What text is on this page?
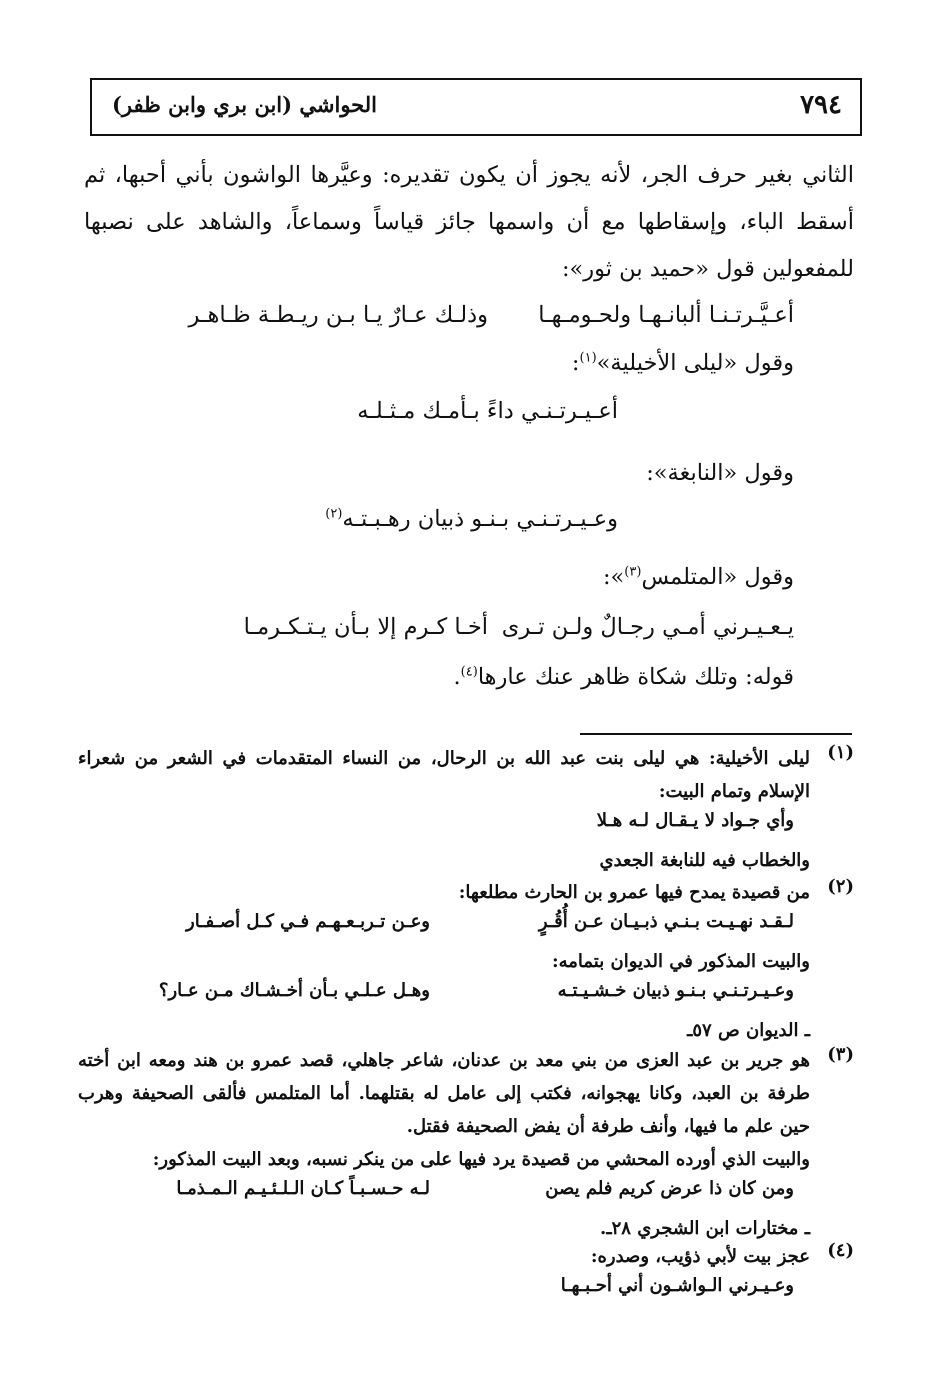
٧٩٤
الحواشي (ابن بري وابن ظفر)

الثاني بغير حرف الجر، لأنه يجوز أن يكون تقديره: وعيَّرها الواشون بأني أحبها، ثم أسقط الباء، وإسقاطها مع أن واسمها جائز قياساً وسماعاً، والشاهد على نصبها للمفعولين قول «حميد بن ثور»:

أعـيَّـرتـنـا ألبانـهـا ولحـومـهـا
وذلـك عـارٌ يـا بـن ريـطـة ظـاهـر

وقول «ليلى الأخيلية»$^{(١)}$:

أعـيـرتـنـي داءً بـأمـك مـثـلـه

وقول «النابغة»:

وعـيـرتـنـي بـنـو ذبيان رهـبـتـه$^{(٢)}$

وقول «المتلمس$^{(٣)}$»:

يـعـيـرني أمـي رجـالٌ ولـن تـرى
أخـا كـرم إلا بـأن يـتـكـرمـا

قوله: وتلك شكاة ظاهر عنك عارها$^{(٤)}$.

(١)

ليلى الأخيلية: هي ليلى بنت عبد الله بن الرحال، من النساء المتقدمات في الشعر من شعراء الإسلام وتمام البيت:

وأي جـواد لا يـقـال لـه هـلا

والخطاب فيه للنابغة الجعدي

(٢)

من قصيدة يمدح فيها عمرو بن الحارث مطلعها:

لـقـد نهـيـت بـنـي ذبـيـان عـن أُقُـرٍ
وعـن تـربـعـهـم فـي كـل أصـفـار

والبيت المذكور في الديوان بتمامه:

وعـيـرتـنـي بـنـو ذبيان خـشـيـتـه
وهـل عـلـي بـأن أخـشـاك مـن عـار؟

ـ الديوان ص ٥٧ـ

(٣)

هو جرير بن عبد العزى من بني معد بن عدنان، شاعر جاهلي، قصد عمرو بن هند ومعه ابن أخته طرفة بن العبد، وكانا يهجوانه، فكتب إلى عامل له بقتلهما. أما المتلمس فألقى الصحيفة وهرب حين علم ما فيها، وأنف طرفة أن يفض الصحيفة فقتل.

والبيت الذي أورده المحشي من قصيدة يرد فيها على من ينكر نسبه، وبعد البيت المذكور:

ومن كان ذا عرض كريم فلم يصن
لـه حـسـبـاً كـان الـلـئـيـم الـمـذمـا

ـ مختارات ابن الشجري ٢٨ـ.

(٤)

عجز بيت لأبي ذؤيب، وصدره:

وعـيـرني الـواشـون أني أحـبـهـا
